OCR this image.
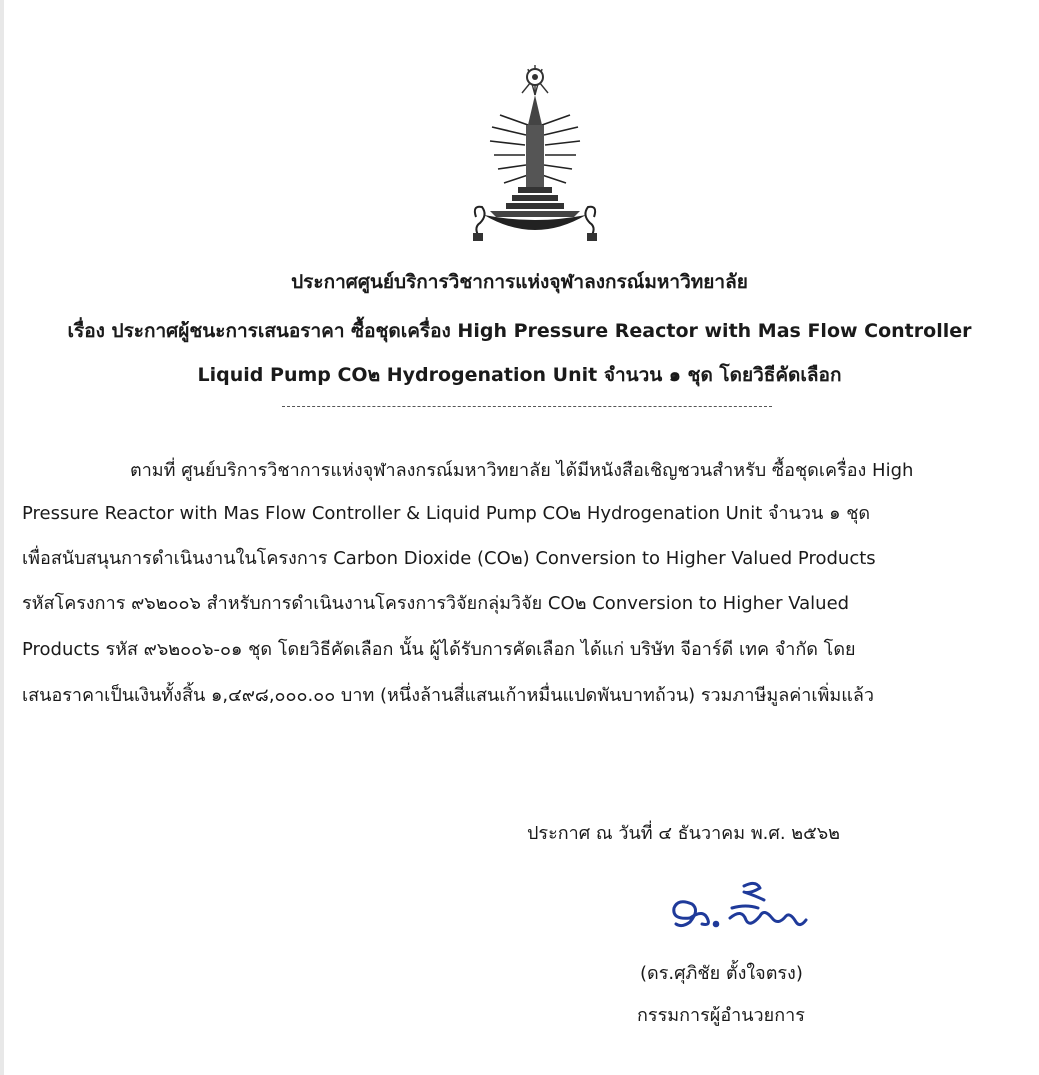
ประกาศศูนย์บริการวิชาการแห่งจุฬาลงกรณ์มหาวิทยาลัย
เรื่อง ประกาศผู้ชนะการเสนอราคา ซื้อชุดเครื่อง High Pressure Reactor with Mas Flow Controller
Liquid Pump CO๒ Hydrogenation Unit จำนวน ๑ ชุด โดยวิธีคัดเลือก
ตามที่ ศูนย์บริการวิชาการแห่งจุฬาลงกรณ์มหาวิทยาลัย ได้มีหนังสือเชิญชวนสำหรับ ซื้อชุดเครื่อง High
Pressure Reactor with Mas Flow Controller & Liquid Pump CO๒ Hydrogenation Unit จำนวน ๑ ชุด
เพื่อสนับสนุนการดำเนินงานในโครงการ Carbon Dioxide (CO๒) Conversion to Higher Valued Products
รหัสโครงการ ๙๖๒๐๐๖ สำหรับการดำเนินงานโครงการวิจัยกลุ่มวิจัย CO๒ Conversion to Higher Valued
Products รหัส ๙๖๒๐๐๖-๐๑ ชุด โดยวิธีคัดเลือก นั้น ผู้ได้รับการคัดเลือก ได้แก่ บริษัท จีอาร์ดี เทค จำกัด โดย
เสนอราคาเป็นเงินทั้งสิ้น ๑,๔๙๘,๐๐๐.๐๐ บาท (หนึ่งล้านสี่แสนเก้าหมื่นแปดพันบาทถ้วน) รวมภาษีมูลค่าเพิ่มแล้ว
ประกาศ ณ วันที่ ๔ ธันวาคม พ.ศ. ๒๕๖๒
(ดร.ศุภิชัย ตั้งใจตรง)
กรรมการผู้อำนวยการ
